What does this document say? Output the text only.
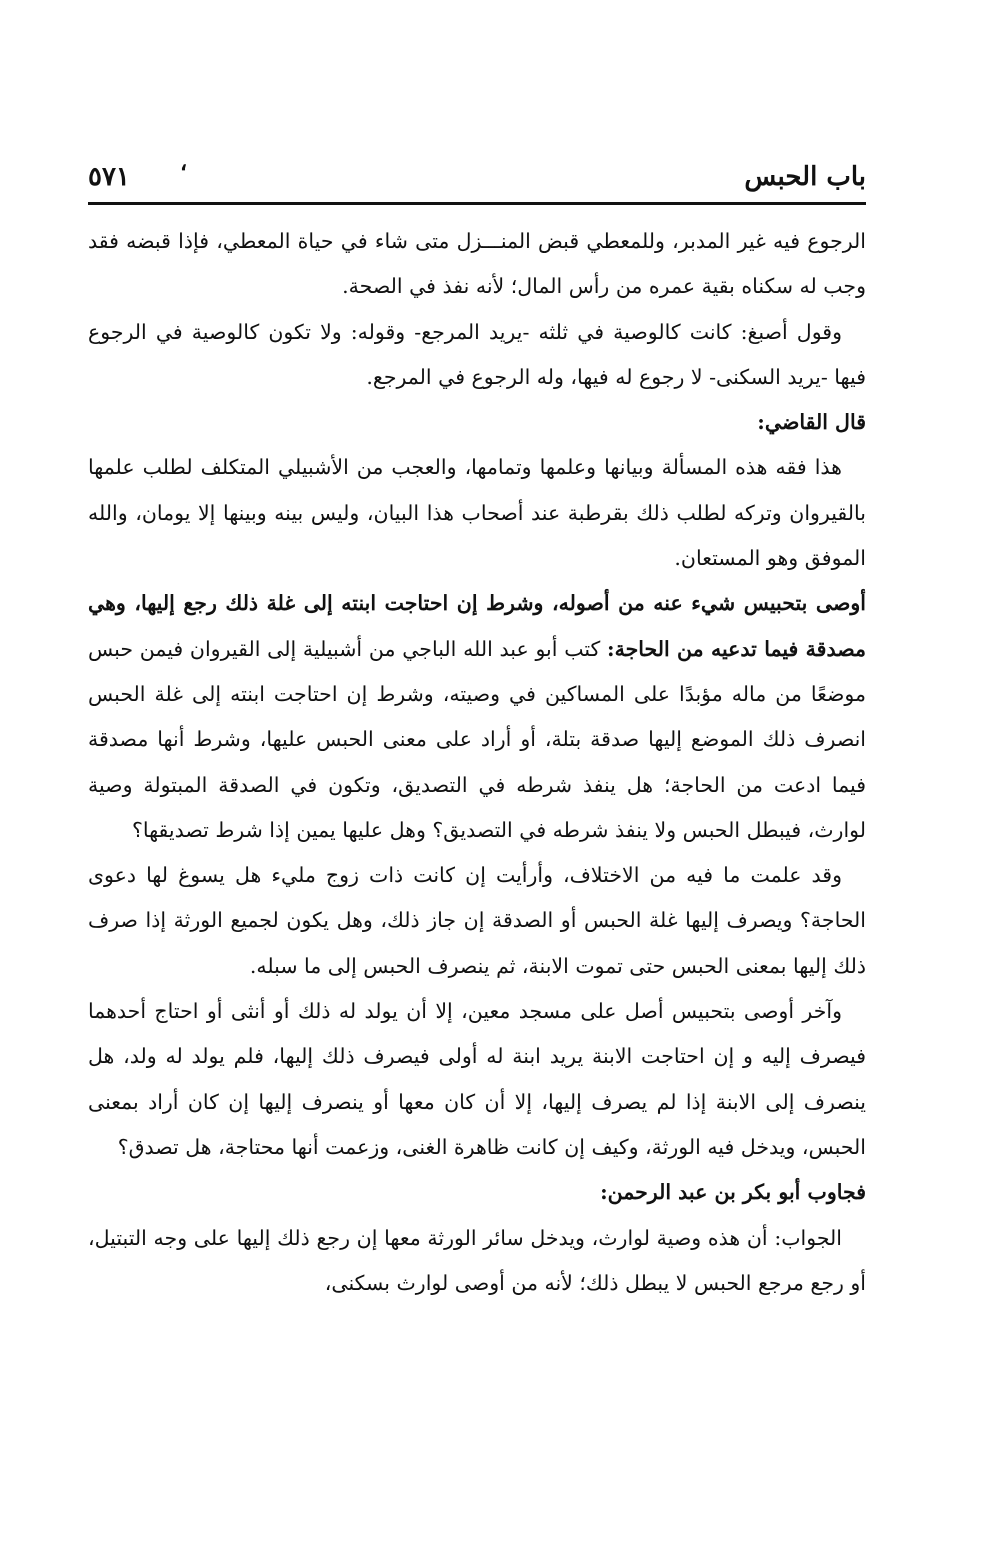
باب الحبس
،
٥٧١

الرجوع فيه غير المدبر، وللمعطي قبض المنـــزل متى شاء في حياة المعطي، فإذا قبضه فقد وجب له سكناه بقية عمره من رأس المال؛ لأنه نفذ في الصحة.

وقول أصبغ: كانت كالوصية في ثلثه -يريد المرجع- وقوله: ولا تكون كالوصية في الرجوع فيها -يريد السكنى- لا رجوع له فيها، وله الرجوع في المرجع.

قال القاضي:

هذا فقه هذه المسألة وبيانها وعلمها وتمامها، والعجب من الأشبيلي المتكلف لطلب علمها بالقيروان وتركه لطلب ذلك بقرطبة عند أصحاب هذا البيان، وليس بينه وبينها إلا يومان، والله الموفق وهو المستعان.

أوصى بتحبيس شيء عنه من أصوله، وشرط إن احتاجت ابنته إلى غلة ذلك رجع إليها، وهي مصدقة فيما تدعيه من الحاجة: كتب أبو عبد الله الباجي من أشبيلية إلى القيروان فيمن حبس موضعًا من ماله مؤبدًا على المساكين في وصيته، وشرط إن احتاجت ابنته إلى غلة الحبس انصرف ذلك الموضع إليها صدقة بتلة، أو أراد على معنى الحبس عليها، وشرط أنها مصدقة فيما ادعت من الحاجة؛ هل ينفذ شرطه في التصديق، وتكون في الصدقة المبتولة وصية لوارث، فيبطل الحبس ولا ينفذ شرطه في التصديق؟ وهل عليها يمين إذا شرط تصديقها؟

وقد علمت ما فيه من الاختلاف، وأرأيت إن كانت ذات زوج مليء هل يسوغ لها دعوى الحاجة؟ ويصرف إليها غلة الحبس أو الصدقة إن جاز ذلك، وهل يكون لجميع الورثة إذا صرف ذلك إليها بمعنى الحبس حتى تموت الابنة، ثم ينصرف الحبس إلى ما سبله.

وآخر أوصى بتحبيس أصل على مسجد معين، إلا أن يولد له ذلك أو أنثى أو احتاج أحدهما فيصرف إليه و إن احتاجت الابنة يريد ابنة له أولى فيصرف ذلك إليها، فلم يولد له ولد، هل ينصرف إلى الابنة إذا لم يصرف إليها، إلا أن كان معها أو ينصرف إليها إن كان أراد بمعنى الحبس، ويدخل فيه الورثة، وكيف إن كانت ظاهرة الغنى، وزعمت أنها محتاجة، هل تصدق؟

فجاوب أبو بكر بن عبد الرحمن:

الجواب: أن هذه وصية لوارث، ويدخل سائر الورثة معها إن رجع ذلك إليها على وجه التبتيل، أو رجع مرجع الحبس لا يبطل ذلك؛ لأنه من أوصى لوارث بسكنى،
